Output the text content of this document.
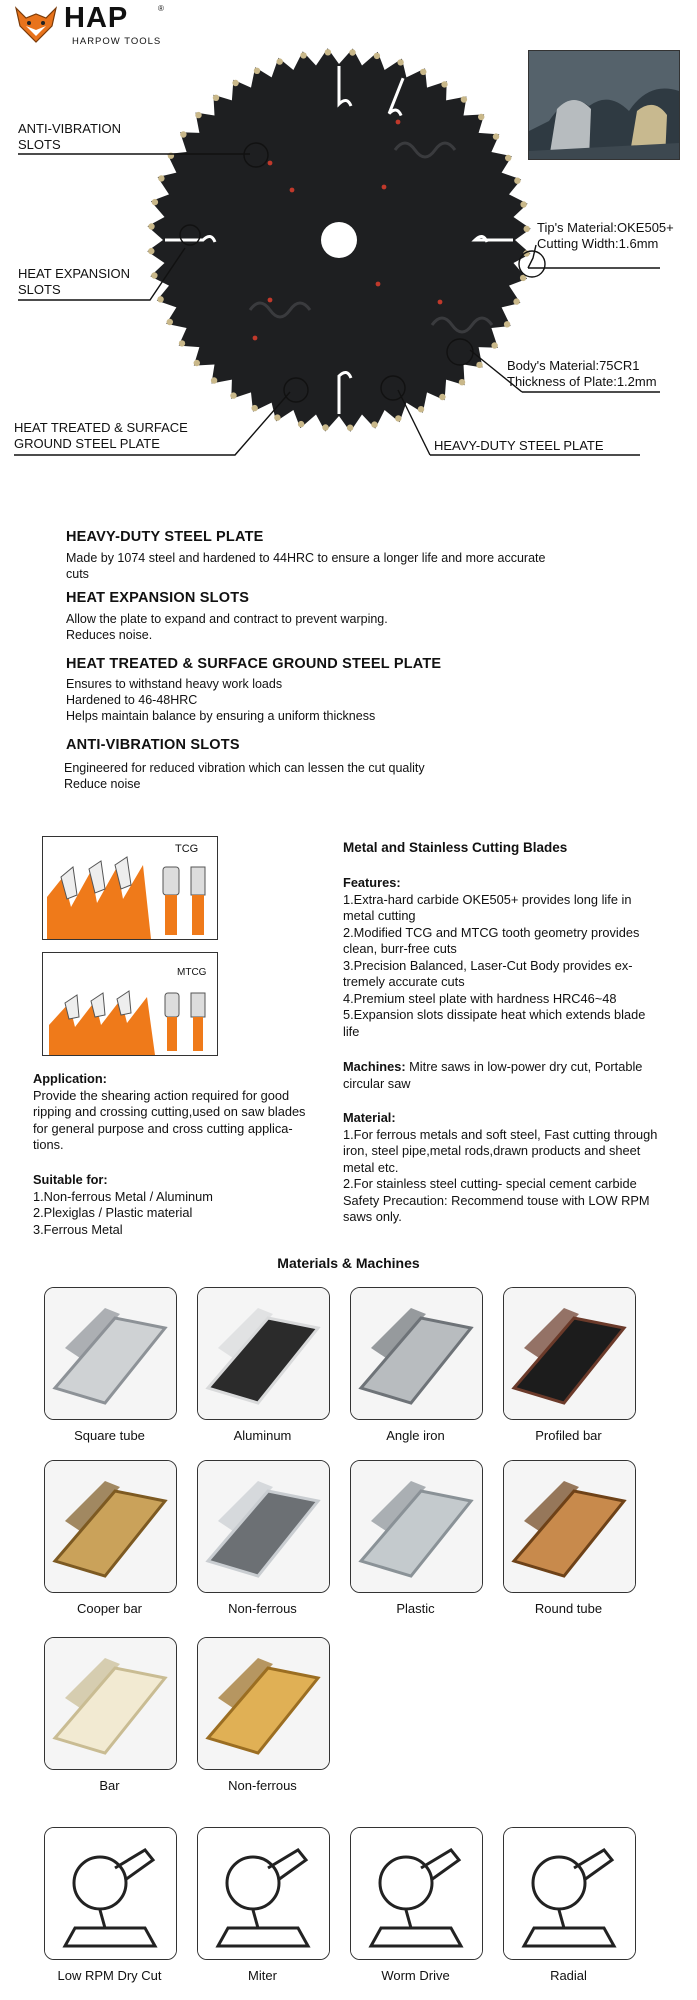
HAP	®
HARPOW TOOLS
ANTI-VIBRATION
SLOTS
HEAT EXPANSION
SLOTS
HEAT TREATED & SURFACE
GROUND STEEL PLATE
Tip's Material:OKE505+
Cutting Width:1.6mm
Body's Material:75CR1
Thickness of Plate:1.2mm
HEAVY-DUTY STEEL PLATE
HEAVY-DUTY STEEL PLATE
Made by 1074 steel and hardened to 44HRC to ensure a longer life and more accurate
cuts
HEAT EXPANSION SLOTS
Allow the plate to expand and contract to prevent warping.
Reduces noise.
HEAT TREATED & SURFACE GROUND STEEL PLATE
Ensures to withstand heavy work loads
Hardened to 46-48HRC
Helps maintain balance by ensuring a uniform thickness
ANTI-VIBRATION SLOTS
Engineered for reduced vibration which can lessen the cut quality
Reduce noise
TCG
MTCG
Metal and Stainless Cutting Blades
Features:
1.Extra-hard carbide OKE505+ provides long life in
metal cutting
2.Modified TCG and MTCG tooth geometry provides
clean, burr-free cuts
3.Precision Balanced, Laser-Cut Body provides ex-
tremely accurate cuts
4.Premium steel plate with hardness HRC46~48
5.Expansion slots dissipate heat which extends blade
life
Machines: Mitre saws in low-power dry cut, Portable
circular saw
Material:
1.For ferrous metals and soft steel, Fast cutting through
iron, steel pipe,metal rods,drawn products and sheet
metal etc.
2.For stainless steel cutting- special cement carbide
Safety Precaution: Recommend touse with LOW RPM
saws only.
Application:
Provide the shearing action required for good
ripping and crossing cutting,used on saw blades
for general purpose and cross cutting applica-
tions.
Suitable for:
1.Non-ferrous Metal / Aluminum
2.Plexiglas / Plastic material
3.Ferrous Metal
Materials & Machines
Square tube	Aluminum	Angle iron	Profiled bar
Cooper bar	Non-ferrous	Plastic	Round tube
Bar	Non-ferrous
Low RPM Dry Cut	Miter	Worm Drive	Radial
